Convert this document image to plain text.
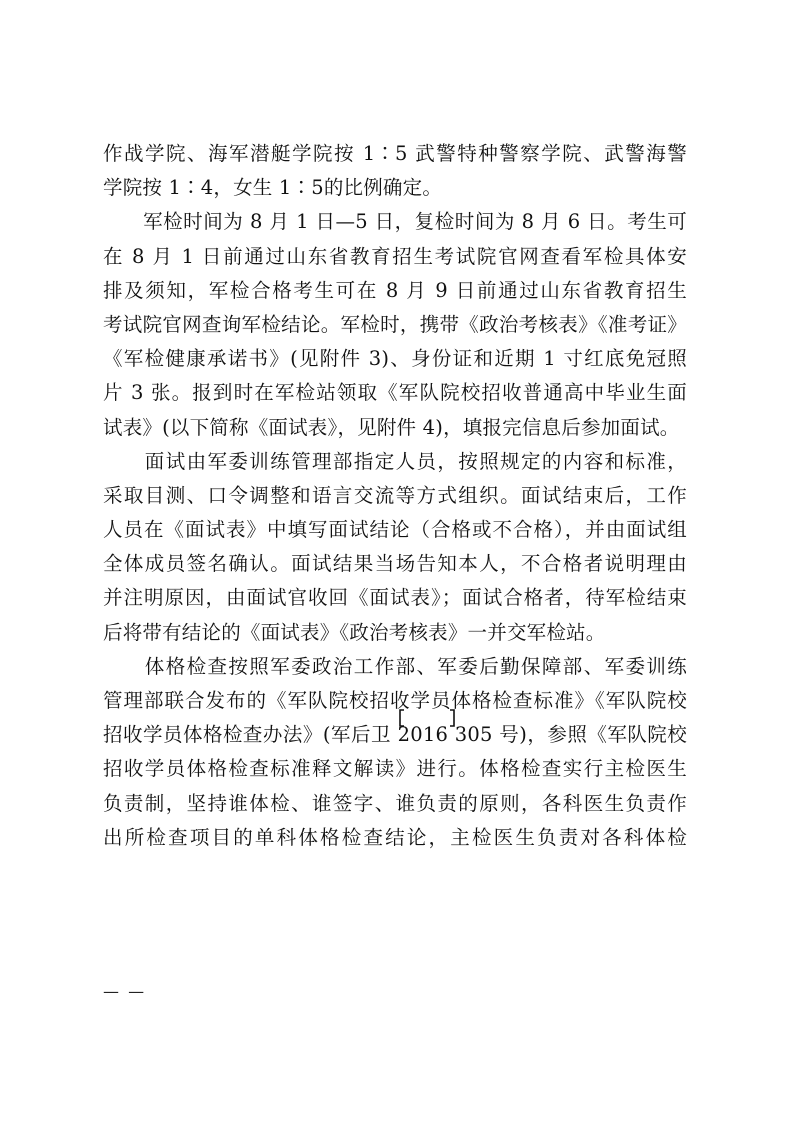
作战学院、海军潜艇学院按 1∶5 武警特种警察学院、武警海警
学院按 1∶4，女生 1∶5的比例确定。
　　军检时间为 8 月 1 日—5 日，复检时间为 8 月 6 日。考生可
在 8 月 1 日前通过山东省教育招生考试院官网查看军检具体安
排及须知，军检合格考生可在 8 月 9 日前通过山东省教育招生
考试院官网查询军检结论。军检时，携带《政治考核表》《准考证》
《军检健康承诺书》(见附件 3)、身份证和近期 1 寸红底免冠照
片 3 张。报到时在军检站领取《军队院校招收普通高中毕业生面
试表》(以下简称《面试表》，见附件 4)，填报完信息后参加面试。
　　面试由军委训练管理部指定人员，按照规定的内容和标准，
采取目测、口令调整和语言交流等方式组织。面试结束后，工作
人员在《面试表》中填写面试结论（合格或不合格），并由面试组
全体成员签名确认。面试结果当场告知本人，不合格者说明理由
并注明原因，由面试官收回《面试表》；面试合格者，待军检结束
后将带有结论的《面试表》《政治考核表》一并交军检站。
　　体格检查按照军委政治工作部、军委后勤保障部、军委训练
管理部联合发布的《军队院校招收学员体格检查标准》《军队院校
招收学员体格检查办法》(军后卫 2016 305 号)，参照《军队院校
招收学员体格检查标准释文解读》进行。体格检查实行主检医生
负责制，坚持谁体检、谁签字、谁负责的原则，各科医生负责作
出所检查项目的单科体格检查结论，主检医生负责对各科体检
— —
